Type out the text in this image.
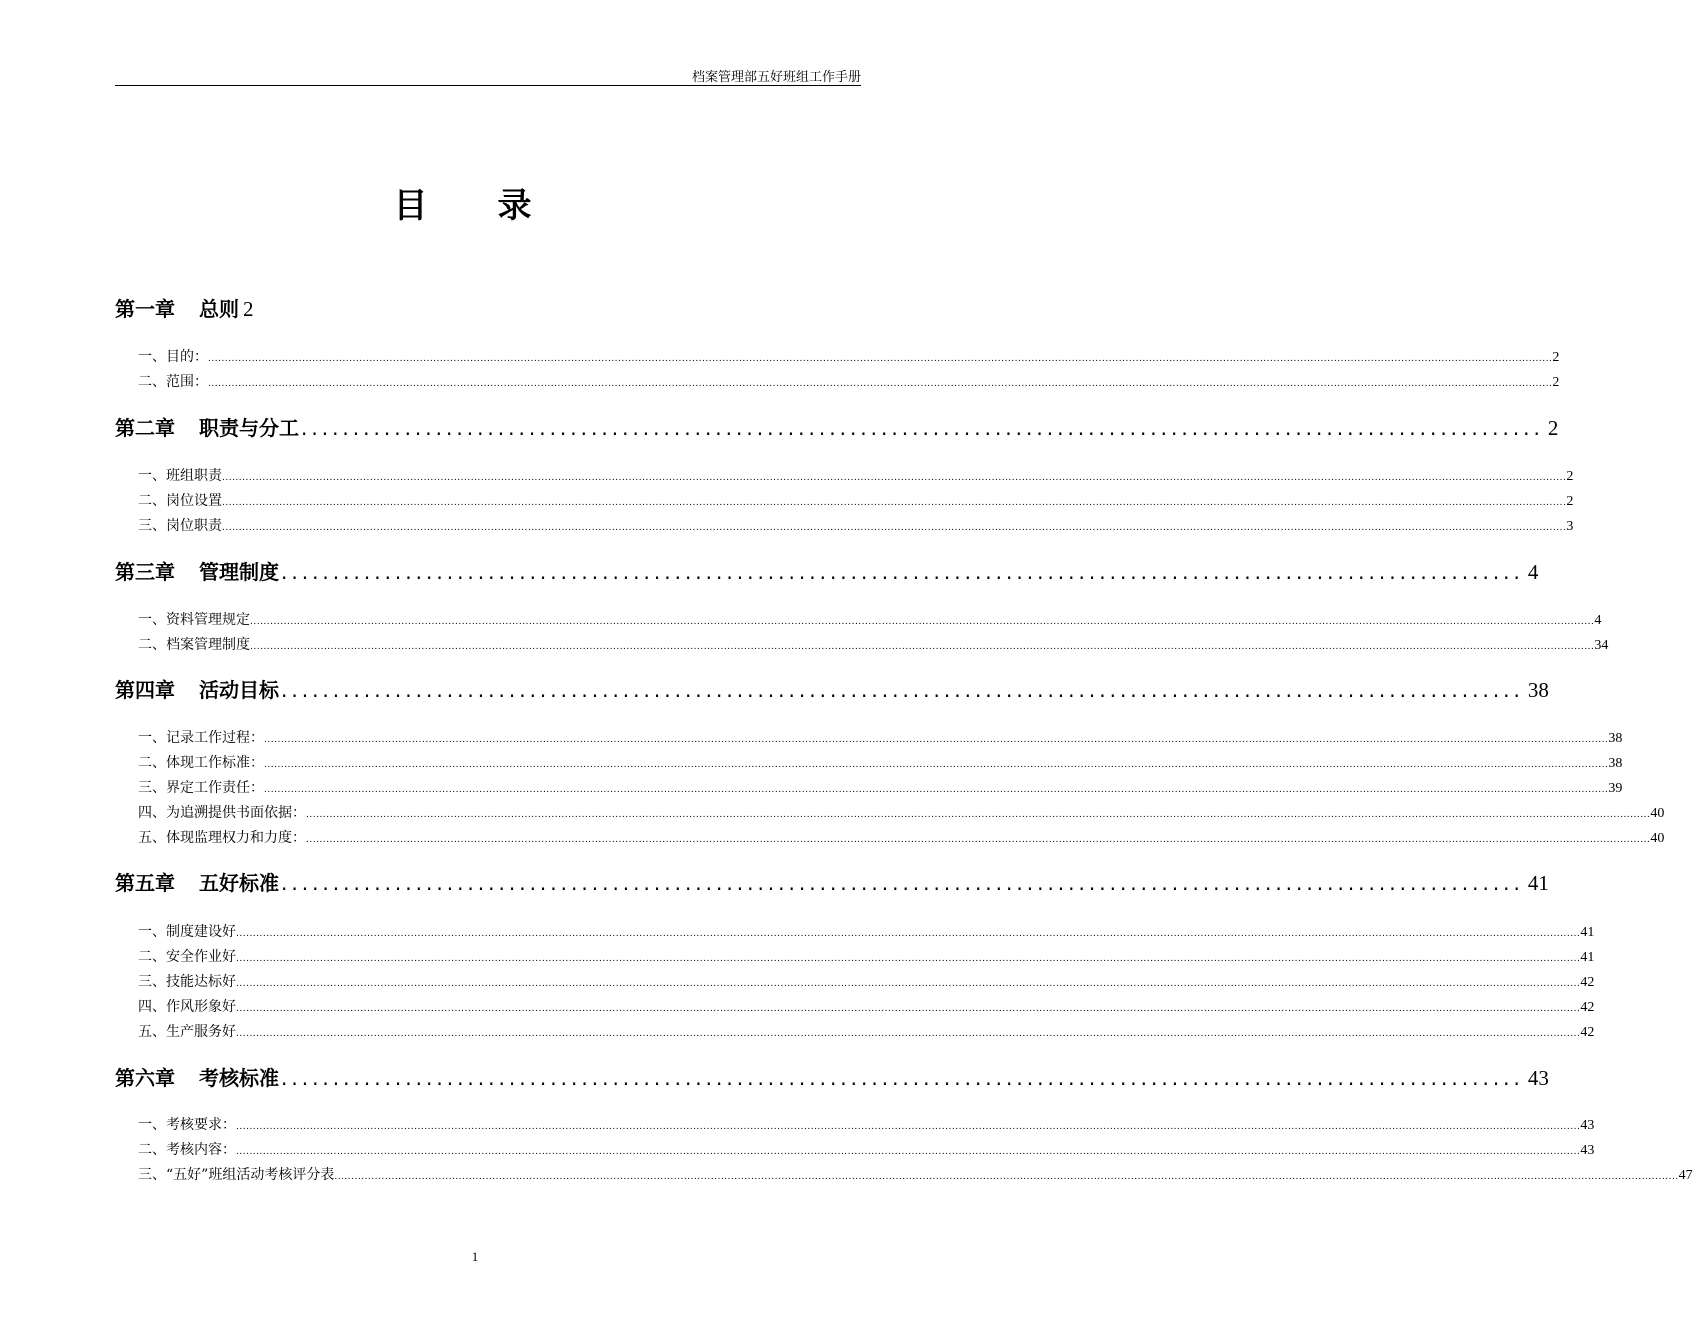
档案管理部五好班组工作手册
目录
第一章 总则 2
一、目的： ................................................................................................................................................................................................................................................................................................................................................................................................................ 2
二、范围： ................................................................................................................................................................................................................................................................................................................................................................................................................ 2
第二章 职责与分工 ........................................................................................................................ 2
一、班组职责 ................................................................................................................................................................................................................................................................................................................................................................................................................ 2
二、岗位设置 ................................................................................................................................................................................................................................................................................................................................................................................................................ 2
三、岗位职责 ................................................................................................................................................................................................................................................................................................................................................................................................................ 3
第三章 管理制度 ........................................................................................................................ 4
一、资料管理规定 ................................................................................................................................................................................................................................................................................................................................................................................................................ 4
二、档案管理制度 ................................................................................................................................................................................................................................................................................................................................................................................................................ 34
第四章 活动目标 ........................................................................................................................ 38
一、记录工作过程： ................................................................................................................................................................................................................................................................................................................................................................................................................ 38
二、体现工作标准： ................................................................................................................................................................................................................................................................................................................................................................................................................ 38
三、界定工作责任： ................................................................................................................................................................................................................................................................................................................................................................................................................ 39
四、为追溯提供书面依据： ................................................................................................................................................................................................................................................................................................................................................................................................................ 40
五、体现监理权力和力度： ................................................................................................................................................................................................................................................................................................................................................................................................................ 40
第五章 五好标准 ........................................................................................................................ 41
一、 制度建设好 ................................................................................................................................................................................................................................................................................................................................................................................................................ 41
二、 安全作业好 ................................................................................................................................................................................................................................................................................................................................................................................................................ 41
三、 技能达标好 ................................................................................................................................................................................................................................................................................................................................................................................................................ 42
四、 作风形象好 ................................................................................................................................................................................................................................................................................................................................................................................................................ 42
五、 生产服务好 ................................................................................................................................................................................................................................................................................................................................................................................................................ 42
第六章 考核标准 ........................................................................................................................ 43
一、 考核要求： ................................................................................................................................................................................................................................................................................................................................................................................................................ 43
二、 考核内容： ................................................................................................................................................................................................................................................................................................................................................................................................................ 43
三、“五好”班组活动考核评分表 ................................................................................................................................................................................................................................................................................................................................................................................................................ 47
1
